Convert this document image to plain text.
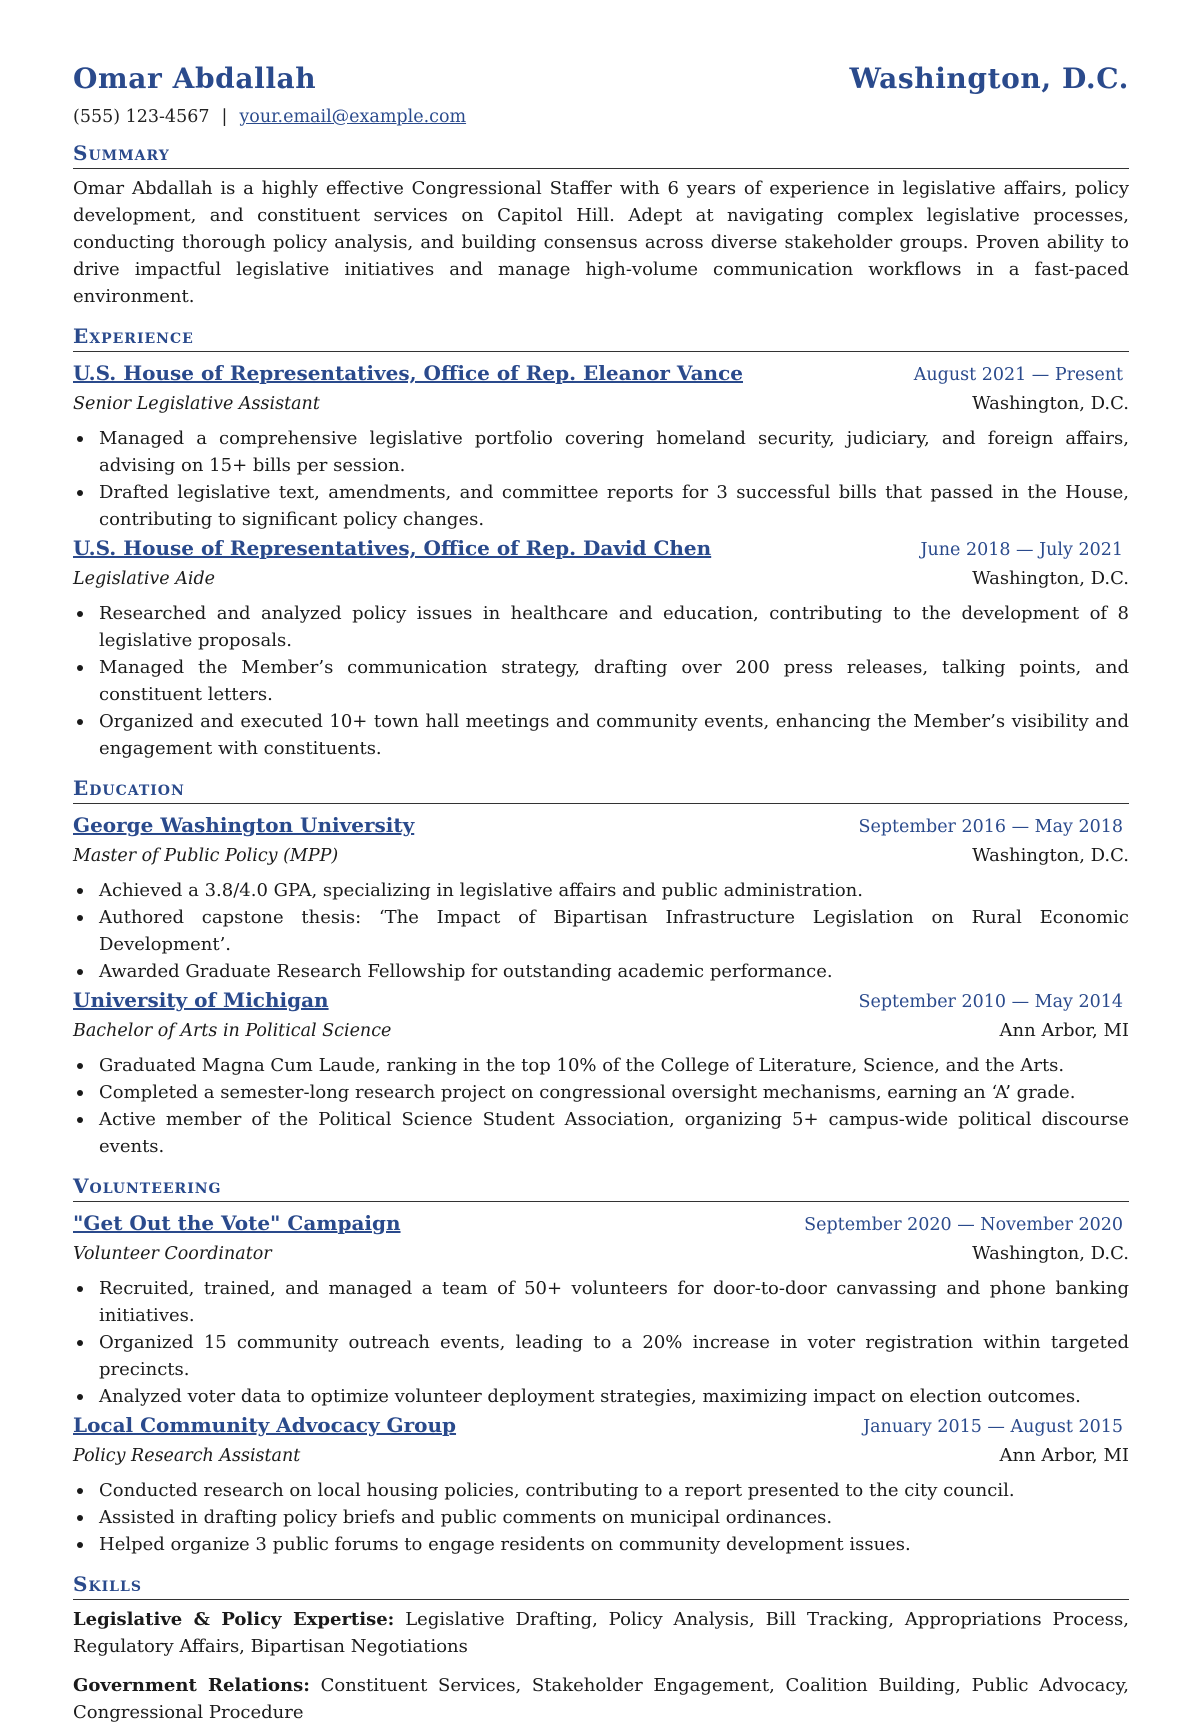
Omar Abdallah	Washington, D.C.
(555) 123-4567 | your.email@example.com
Summary
Omar Abdallah is a highly effective Congressional Staffer with 6 years of experience in legislative affairs, policy development, and constituent services on Capitol Hill. Adept at navigating complex legislative processes, conducting thorough policy analysis, and building consensus across diverse stakeholder groups. Proven ability to drive impactful legislative initiatives and manage high-volume communication workflows in a fast-paced environment.
Experience
U.S. House of Representatives, Office of Rep. Eleanor Vance	August 2021 — Present
Senior Legislative Assistant	Washington, D.C.
Managed a comprehensive legislative portfolio covering homeland security, judiciary, and foreign affairs, advising on 15+ bills per session.
Drafted legislative text, amendments, and committee reports for 3 successful bills that passed in the House, contributing to significant policy changes.
U.S. House of Representatives, Office of Rep. David Chen	June 2018 — July 2021
Legislative Aide	Washington, D.C.
Researched and analyzed policy issues in healthcare and education, contributing to the development of 8 legislative proposals.
Managed the Member’s communication strategy, drafting over 200 press releases, talking points, and constituent letters.
Organized and executed 10+ town hall meetings and community events, enhancing the Member’s visibility and engagement with constituents.
Education
George Washington University	September 2016 — May 2018
Master of Public Policy (MPP)	Washington, D.C.
Achieved a 3.8/4.0 GPA, specializing in legislative affairs and public administration.
Authored capstone thesis: ‘The Impact of Bipartisan Infrastructure Legislation on Rural Economic Development’.
Awarded Graduate Research Fellowship for outstanding academic performance.
University of Michigan	September 2010 — May 2014
Bachelor of Arts in Political Science	Ann Arbor, MI
Graduated Magna Cum Laude, ranking in the top 10% of the College of Literature, Science, and the Arts.
Completed a semester-long research project on congressional oversight mechanisms, earning an ‘A’ grade.
Active member of the Political Science Student Association, organizing 5+ campus-wide political discourse events.
Volunteering
"Get Out the Vote" Campaign	September 2020 — November 2020
Volunteer Coordinator	Washington, D.C.
Recruited, trained, and managed a team of 50+ volunteers for door-to-door canvassing and phone banking initiatives.
Organized 15 community outreach events, leading to a 20% increase in voter registration within targeted precincts.
Analyzed voter data to optimize volunteer deployment strategies, maximizing impact on election outcomes.
Local Community Advocacy Group	January 2015 — August 2015
Policy Research Assistant	Ann Arbor, MI
Conducted research on local housing policies, contributing to a report presented to the city council.
Assisted in drafting policy briefs and public comments on municipal ordinances.
Helped organize 3 public forums to engage residents on community development issues.
Skills
Legislative & Policy Expertise: Legislative Drafting, Policy Analysis, Bill Tracking, Appropriations Process, Regulatory Affairs, Bipartisan Negotiations
Government Relations: Constituent Services, Stakeholder Engagement, Coalition Building, Public Advocacy, Congressional Procedure
